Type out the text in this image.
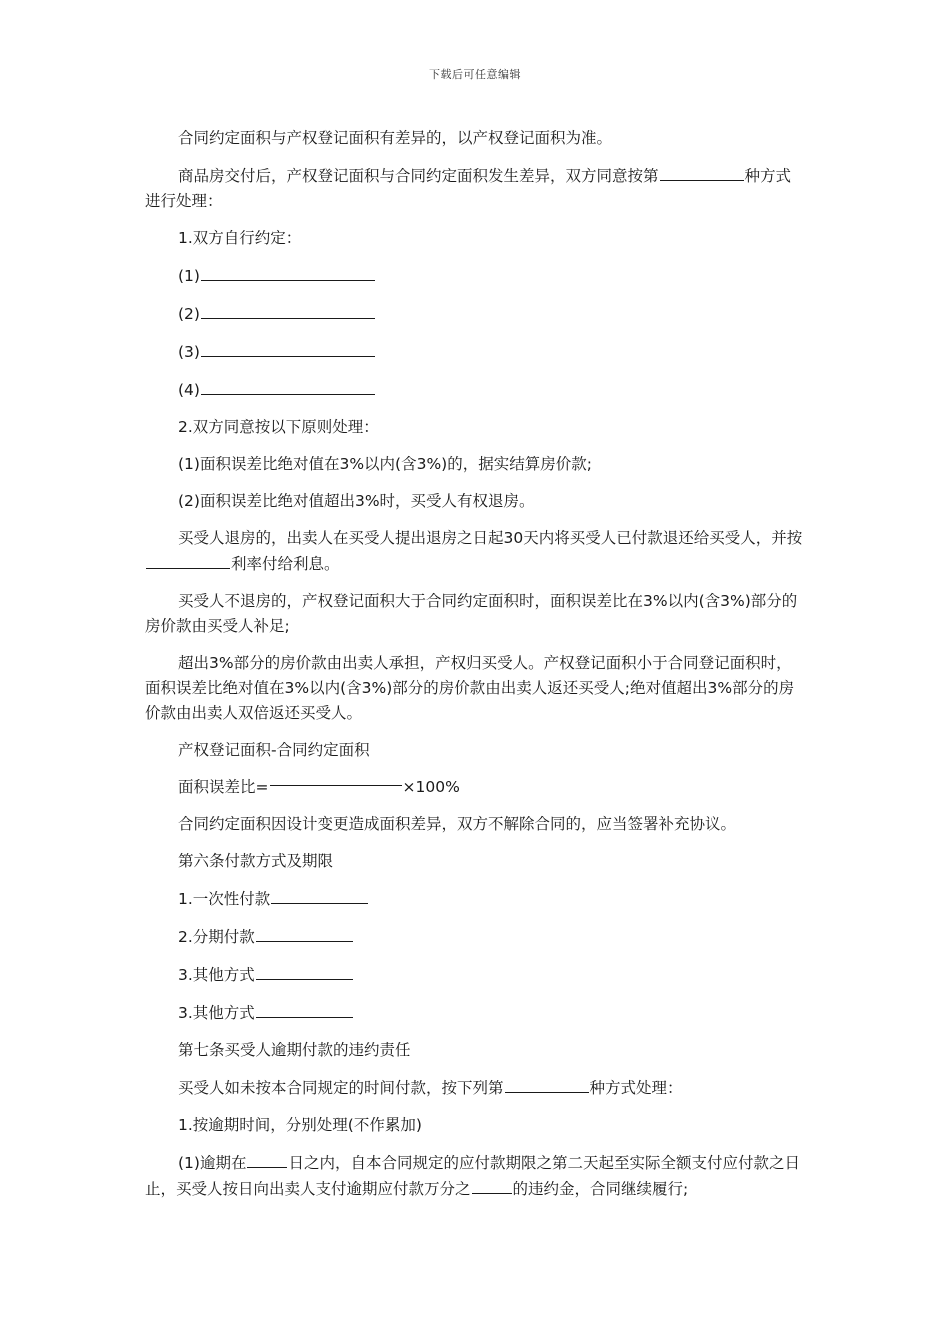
下载后可任意编辑

合同约定面积与产权登记面积有差异的，以产权登记面积为准。

商品房交付后，产权登记面积与合同约定面积发生差异，双方同意按第	种方式进行处理：

1.双方自行约定：

(1)

(2)

(3)

(4)

2.双方同意按以下原则处理：

(1)面积误差比绝对值在3%以内(含3%)的，据实结算房价款;

(2)面积误差比绝对值超出3%时，买受人有权退房。

买受人退房的，出卖人在买受人提出退房之日起30天内将买受人已付款退还给买受人，并按利率付给利息。

买受人不退房的，产权登记面积大于合同约定面积时，面积误差比在3%以内(含3%)部分的房价款由买受人补足;

超出3%部分的房价款由出卖人承担，产权归买受人。产权登记面积小于合同登记面积时，面积误差比绝对值在3%以内(含3%)部分的房价款由出卖人返还买受人;绝对值超出3%部分的房价款由出卖人双倍返还买受人。

产权登记面积-合同约定面积

面积误差比=	×100%

合同约定面积因设计变更造成面积差异，双方不解除合同的，应当签署补充协议。

第六条付款方式及期限

1.一次性付款

2.分期付款

3.其他方式

3.其他方式

第七条买受人逾期付款的违约责任

买受人如未按本合同规定的时间付款，按下列第	种方式处理：

1.按逾期时间，分别处理(不作累加)

(1)逾期在	日之内，自本合同规定的应付款期限之第二天起至实际全额支付应付款之日止，买受人按日向出卖人支付逾期应付款万分之	的违约金，合同继续履行;
